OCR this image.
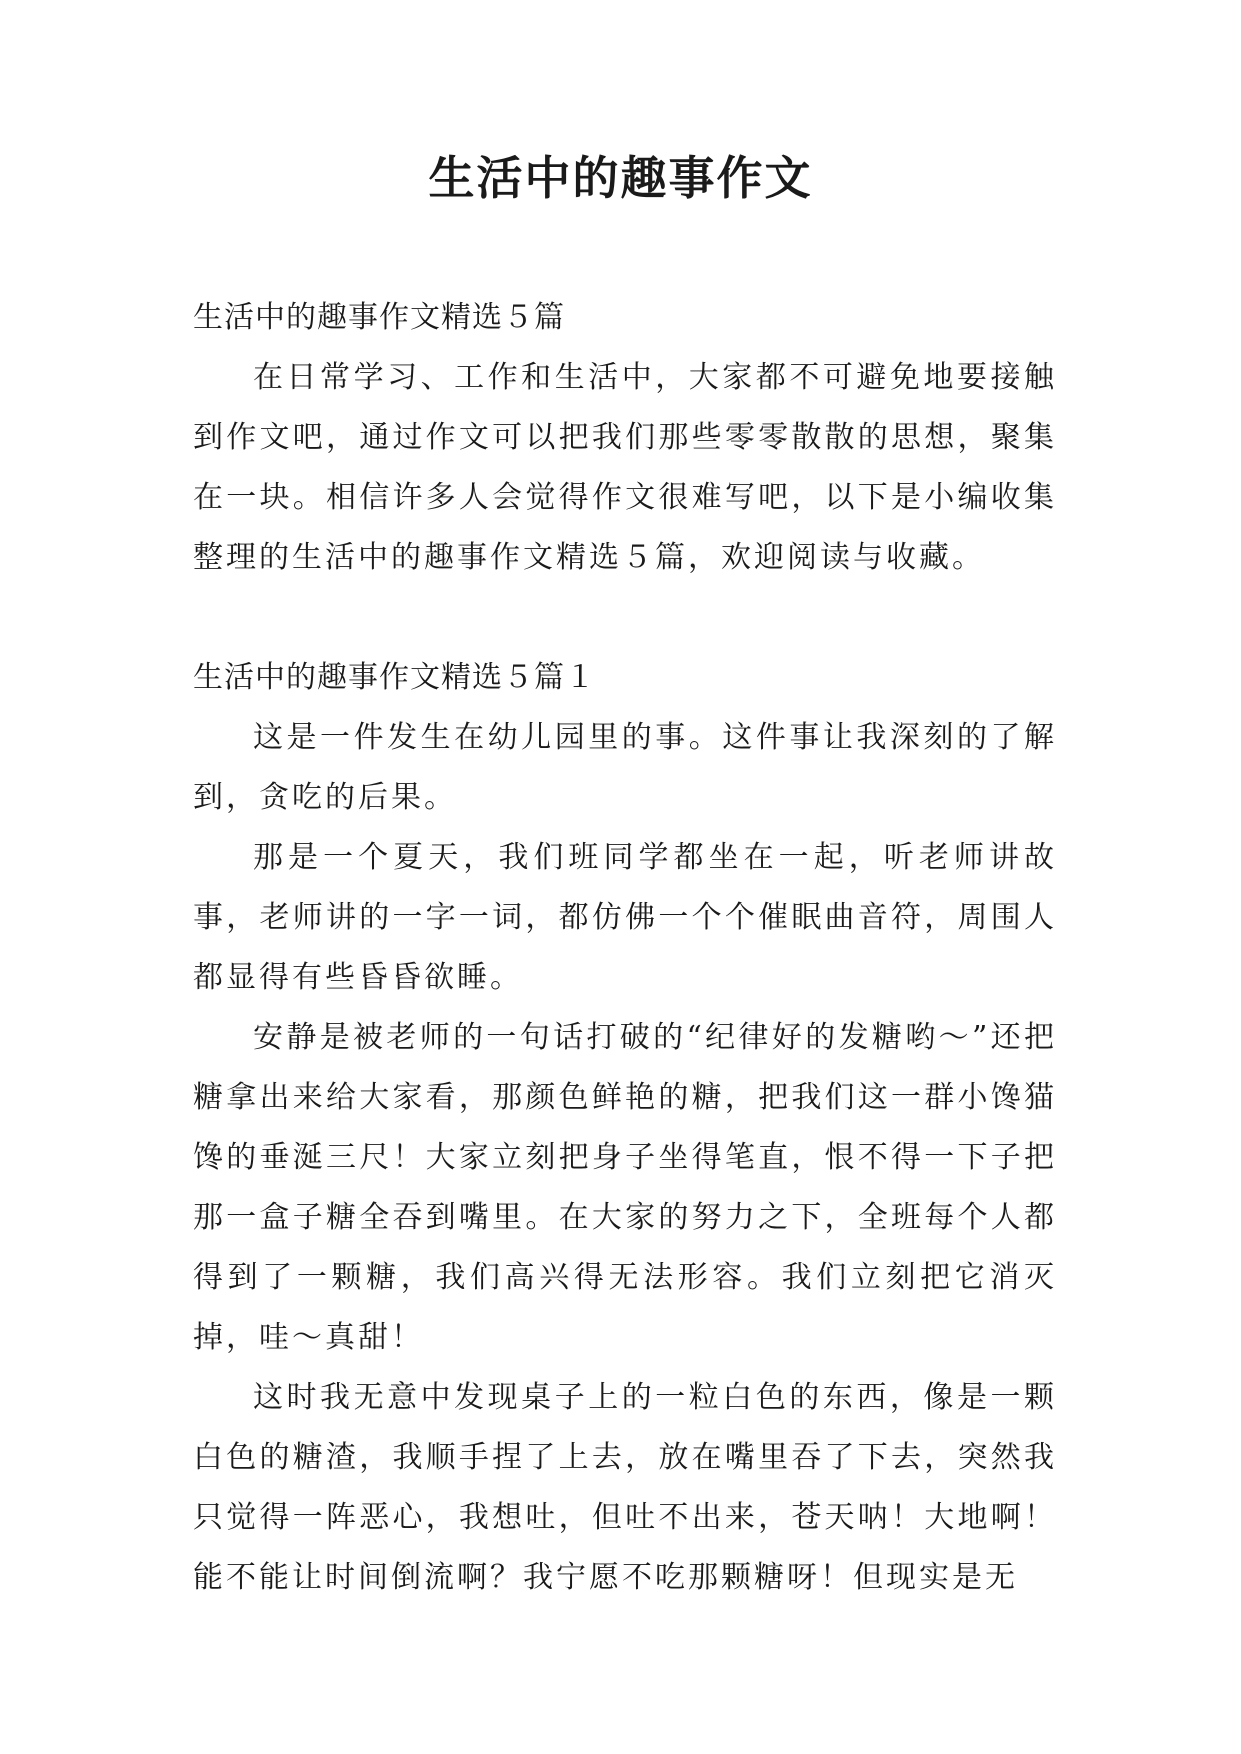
生活中的趣事作文

生活中的趣事作文精选５篇

在日常学习、工作和生活中，大家都不可避免地要接触到作文吧，通过作文可以把我们那些零零散散的思想，聚集在一块。相信许多人会觉得作文很难写吧，以下是小编收集整理的生活中的趣事作文精选５篇，欢迎阅读与收藏。

生活中的趣事作文精选５篇１

这是一件发生在幼儿园里的事。这件事让我深刻的了解到，贪吃的后果。

那是一个夏天，我们班同学都坐在一起，听老师讲故事，老师讲的一字一词，都仿佛一个个催眠曲音符，周围人都显得有些昏昏欲睡。

安静是被老师的一句话打破的“纪律好的发糖哟～”还把糖拿出来给大家看，那颜色鲜艳的糖，把我们这一群小馋猫馋的垂涎三尺！大家立刻把身子坐得笔直，恨不得一下子把那一盒子糖全吞到嘴里。在大家的努力之下，全班每个人都得到了一颗糖，我们高兴得无法形容。我们立刻把它消灭掉，哇～真甜！

这时我无意中发现桌子上的一粒白色的东西，像是一颗白色的糖渣，我顺手捏了上去，放在嘴里吞了下去，突然我只觉得一阵恶心，我想吐，但吐不出来，苍天呐！大地啊！能不能让时间倒流啊？我宁愿不吃那颗糖呀！但现实是无
